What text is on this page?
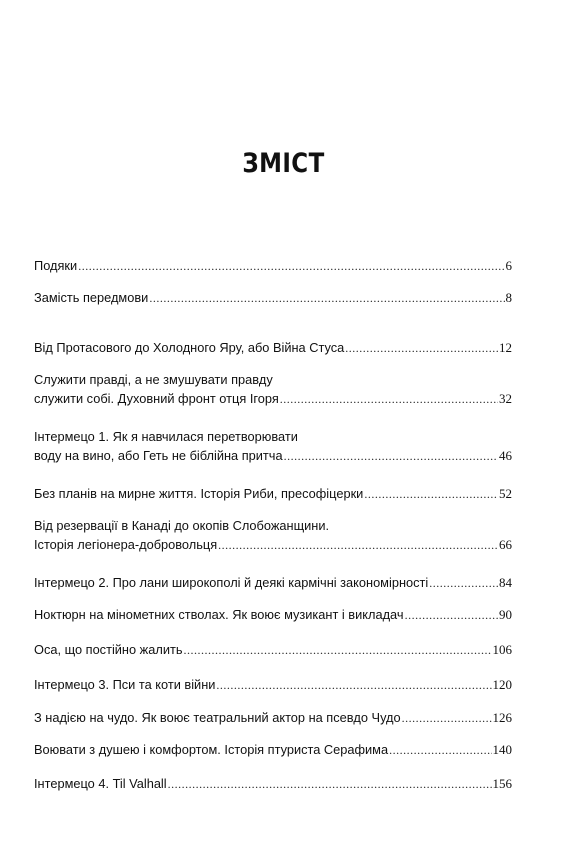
ЗМІСТ
Подяки .....	6
Замість передмови .....	8
Від Протасового до Холодного Яру, або Війна Стуса .....	12
Служити правді, а не змушувати правду
служити собі. Духовний фронт отця Ігоря .....	32
Інтермецо 1. Як я навчилася перетворювати
воду на вино, або Геть не біблійна притча .....	46
Без планів на мирне життя. Історія Риби, пресофіцерки .....	52
Від резервації в Канаді до окопів Слобожанщини.
Історія легіонера-добровольця .....	66
Інтермецо 2. Про лани широкополі й деякі кармічні закономірності .....	84
Ноктюрн на мінометних стволах. Як воює музикант і викладач .....	90
Оса, що постійно жалить .....	106
Інтермецо 3. Пси та коти війни .....	120
З надією на чудо. Як воює театральний актор на псевдо Чудо .....	126
Воювати з душею і комфортом. Історія птуриста Серафима .....	140
Інтермецо 4. Til Valhall .....	156
